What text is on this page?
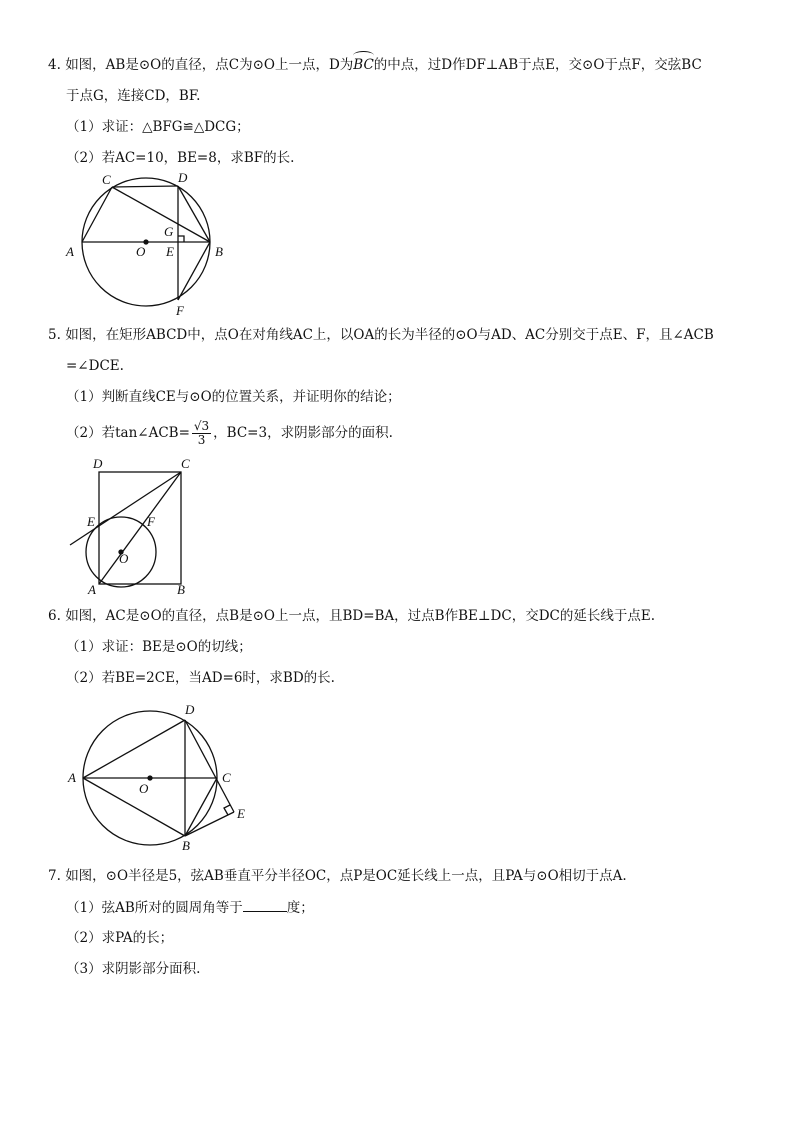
4. 如图，AB是⊙O的直径，点C为⊙O上一点，D为BC的中点，过D作DF⊥AB于点E，交⊙O于点F，交弦BC
于点G，连接CD，BF.
（1）求证：△BFG≌△DCG；
（2）若AC=10，BE=8，求BF的长.
C	D
A	O E
G
B
F
5. 如图，在矩形ABCD中，点O在对角线AC上，以OA的长为半径的⊙O与AD、AC分别交于点E、F，且∠ACB
=∠DCE.
（1）判断直线CE与⊙O的位置关系，并证明你的结论；
（2）若tan∠ACB= $\frac{√3}{3}$ ，BC=3，求阴影部分的面积.
D	C
E	F
O
A	B
6. 如图，AC是⊙O的直径，点B是⊙O上一点，且BD=BA，过点B作BE⊥DC，交DC的延长线于点E.
（1）求证：BE是⊙O的切线；
（2）若BE=2CE，当AD=6时，求BD的长.
D
A
O
C
E
B
7. 如图，⊙O半径是5，弦AB垂直平分半径OC，点P是OC延长线上一点，且PA与⊙O相切于点A.
（1）弦AB所对的圆周角等于	度；
（2）求PA的长；
（3）求阴影部分面积.
